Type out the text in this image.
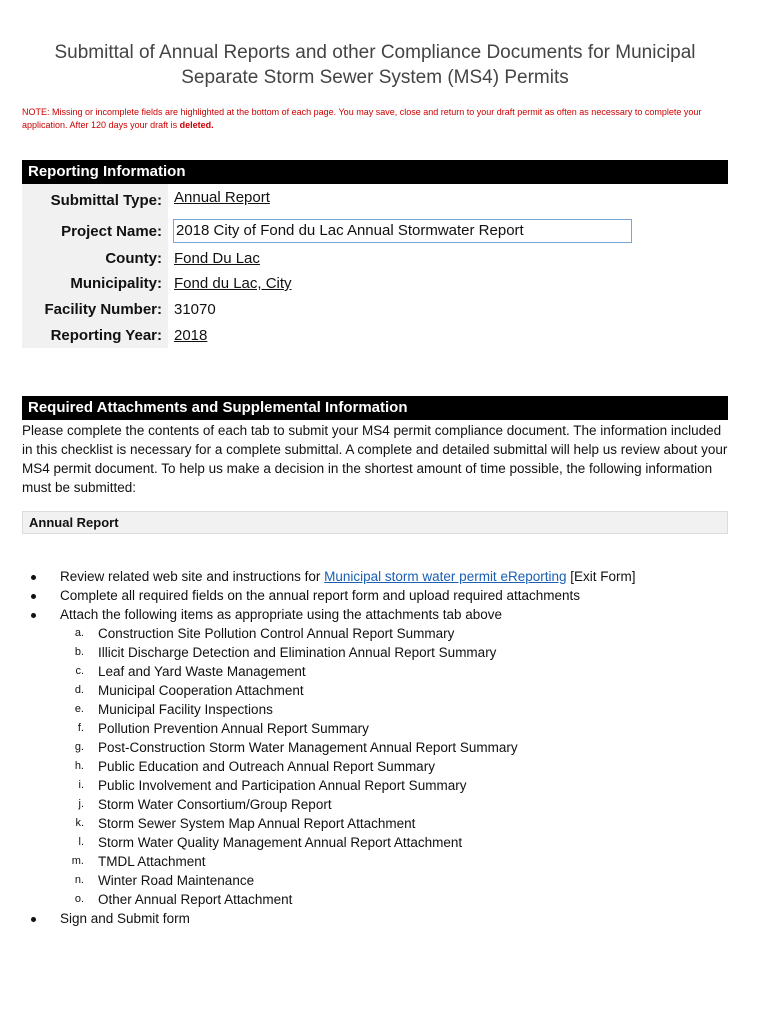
Submittal of Annual Reports and other Compliance Documents for Municipal Separate Storm Sewer System (MS4) Permits
NOTE: Missing or incomplete fields are highlighted at the bottom of each page. You may save, close and return to your draft permit as often as necessary to complete your application. After 120 days your draft is deleted.
Reporting Information
Submittal Type: Annual Report
Project Name: 2018 City of Fond du Lac Annual Stormwater Report
County: Fond Du Lac
Municipality: Fond du Lac, City
Facility Number: 31070
Reporting Year: 2018
Required Attachments and Supplemental Information
Please complete the contents of each tab to submit your MS4 permit compliance document. The information included in this checklist is necessary for a complete submittal. A complete and detailed submittal will help us review about your MS4 permit document. To help us make a decision in the shortest amount of time possible, the following information must be submitted:
Annual Report
Review related web site and instructions for Municipal storm water permit eReporting [Exit Form]
Complete all required fields on the annual report form and upload required attachments
Attach the following items as appropriate using the attachments tab above
a. Construction Site Pollution Control Annual Report Summary
b. Illicit Discharge Detection and Elimination Annual Report Summary
c. Leaf and Yard Waste Management
d. Municipal Cooperation Attachment
e. Municipal Facility Inspections
f. Pollution Prevention Annual Report Summary
g. Post-Construction Storm Water Management Annual Report Summary
h. Public Education and Outreach Annual Report Summary
i. Public Involvement and Participation Annual Report Summary
j. Storm Water Consortium/Group Report
k. Storm Sewer System Map Annual Report Attachment
l. Storm Water Quality Management Annual Report Attachment
m. TMDL Attachment
n. Winter Road Maintenance
o. Other Annual Report Attachment
Sign and Submit form
